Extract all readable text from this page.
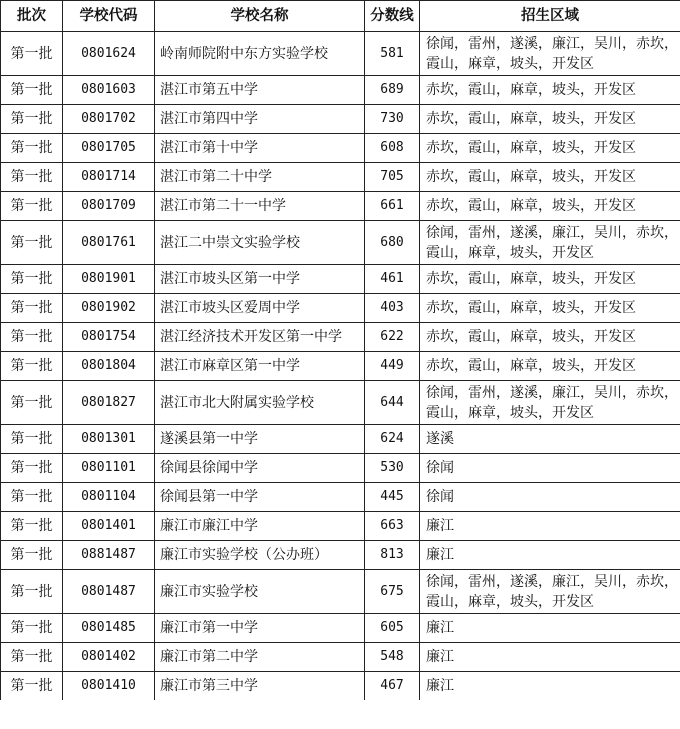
批次	学校代码	学校名称	分数线	招生区域
第一批	0801624	岭南师院附中东方实验学校	581	徐闻，雷州，遂溪，廉江，吴川，赤坎，霞山，麻章，坡头，开发区
第一批	0801603	湛江市第五中学	689	赤坎，霞山，麻章，坡头，开发区
第一批	0801702	湛江市第四中学	730	赤坎，霞山，麻章，坡头，开发区
第一批	0801705	湛江市第十中学	608	赤坎，霞山，麻章，坡头，开发区
第一批	0801714	湛江市第二十中学	705	赤坎，霞山，麻章，坡头，开发区
第一批	0801709	湛江市第二十一中学	661	赤坎，霞山，麻章，坡头，开发区
第一批	0801761	湛江二中崇文实验学校	680	徐闻，雷州，遂溪，廉江，吴川，赤坎，霞山，麻章，坡头，开发区
第一批	0801901	湛江市坡头区第一中学	461	赤坎，霞山，麻章，坡头，开发区
第一批	0801902	湛江市坡头区爱周中学	403	赤坎，霞山，麻章，坡头，开发区
第一批	0801754	湛江经济技术开发区第一中学	622	赤坎，霞山，麻章，坡头，开发区
第一批	0801804	湛江市麻章区第一中学	449	赤坎，霞山，麻章，坡头，开发区
第一批	0801827	湛江市北大附属实验学校	644	徐闻，雷州，遂溪，廉江，吴川，赤坎，霞山，麻章，坡头，开发区
第一批	0801301	遂溪县第一中学	624	遂溪
第一批	0801101	徐闻县徐闻中学	530	徐闻
第一批	0801104	徐闻县第一中学	445	徐闻
第一批	0801401	廉江市廉江中学	663	廉江
第一批	0881487	廉江市实验学校（公办班）	813	廉江
第一批	0801487	廉江市实验学校	675	徐闻，雷州，遂溪，廉江，吴川，赤坎，霞山，麻章，坡头，开发区
第一批	0801485	廉江市第一中学	605	廉江
第一批	0801402	廉江市第二中学	548	廉江
第一批	0801410	廉江市第三中学	467	廉江
